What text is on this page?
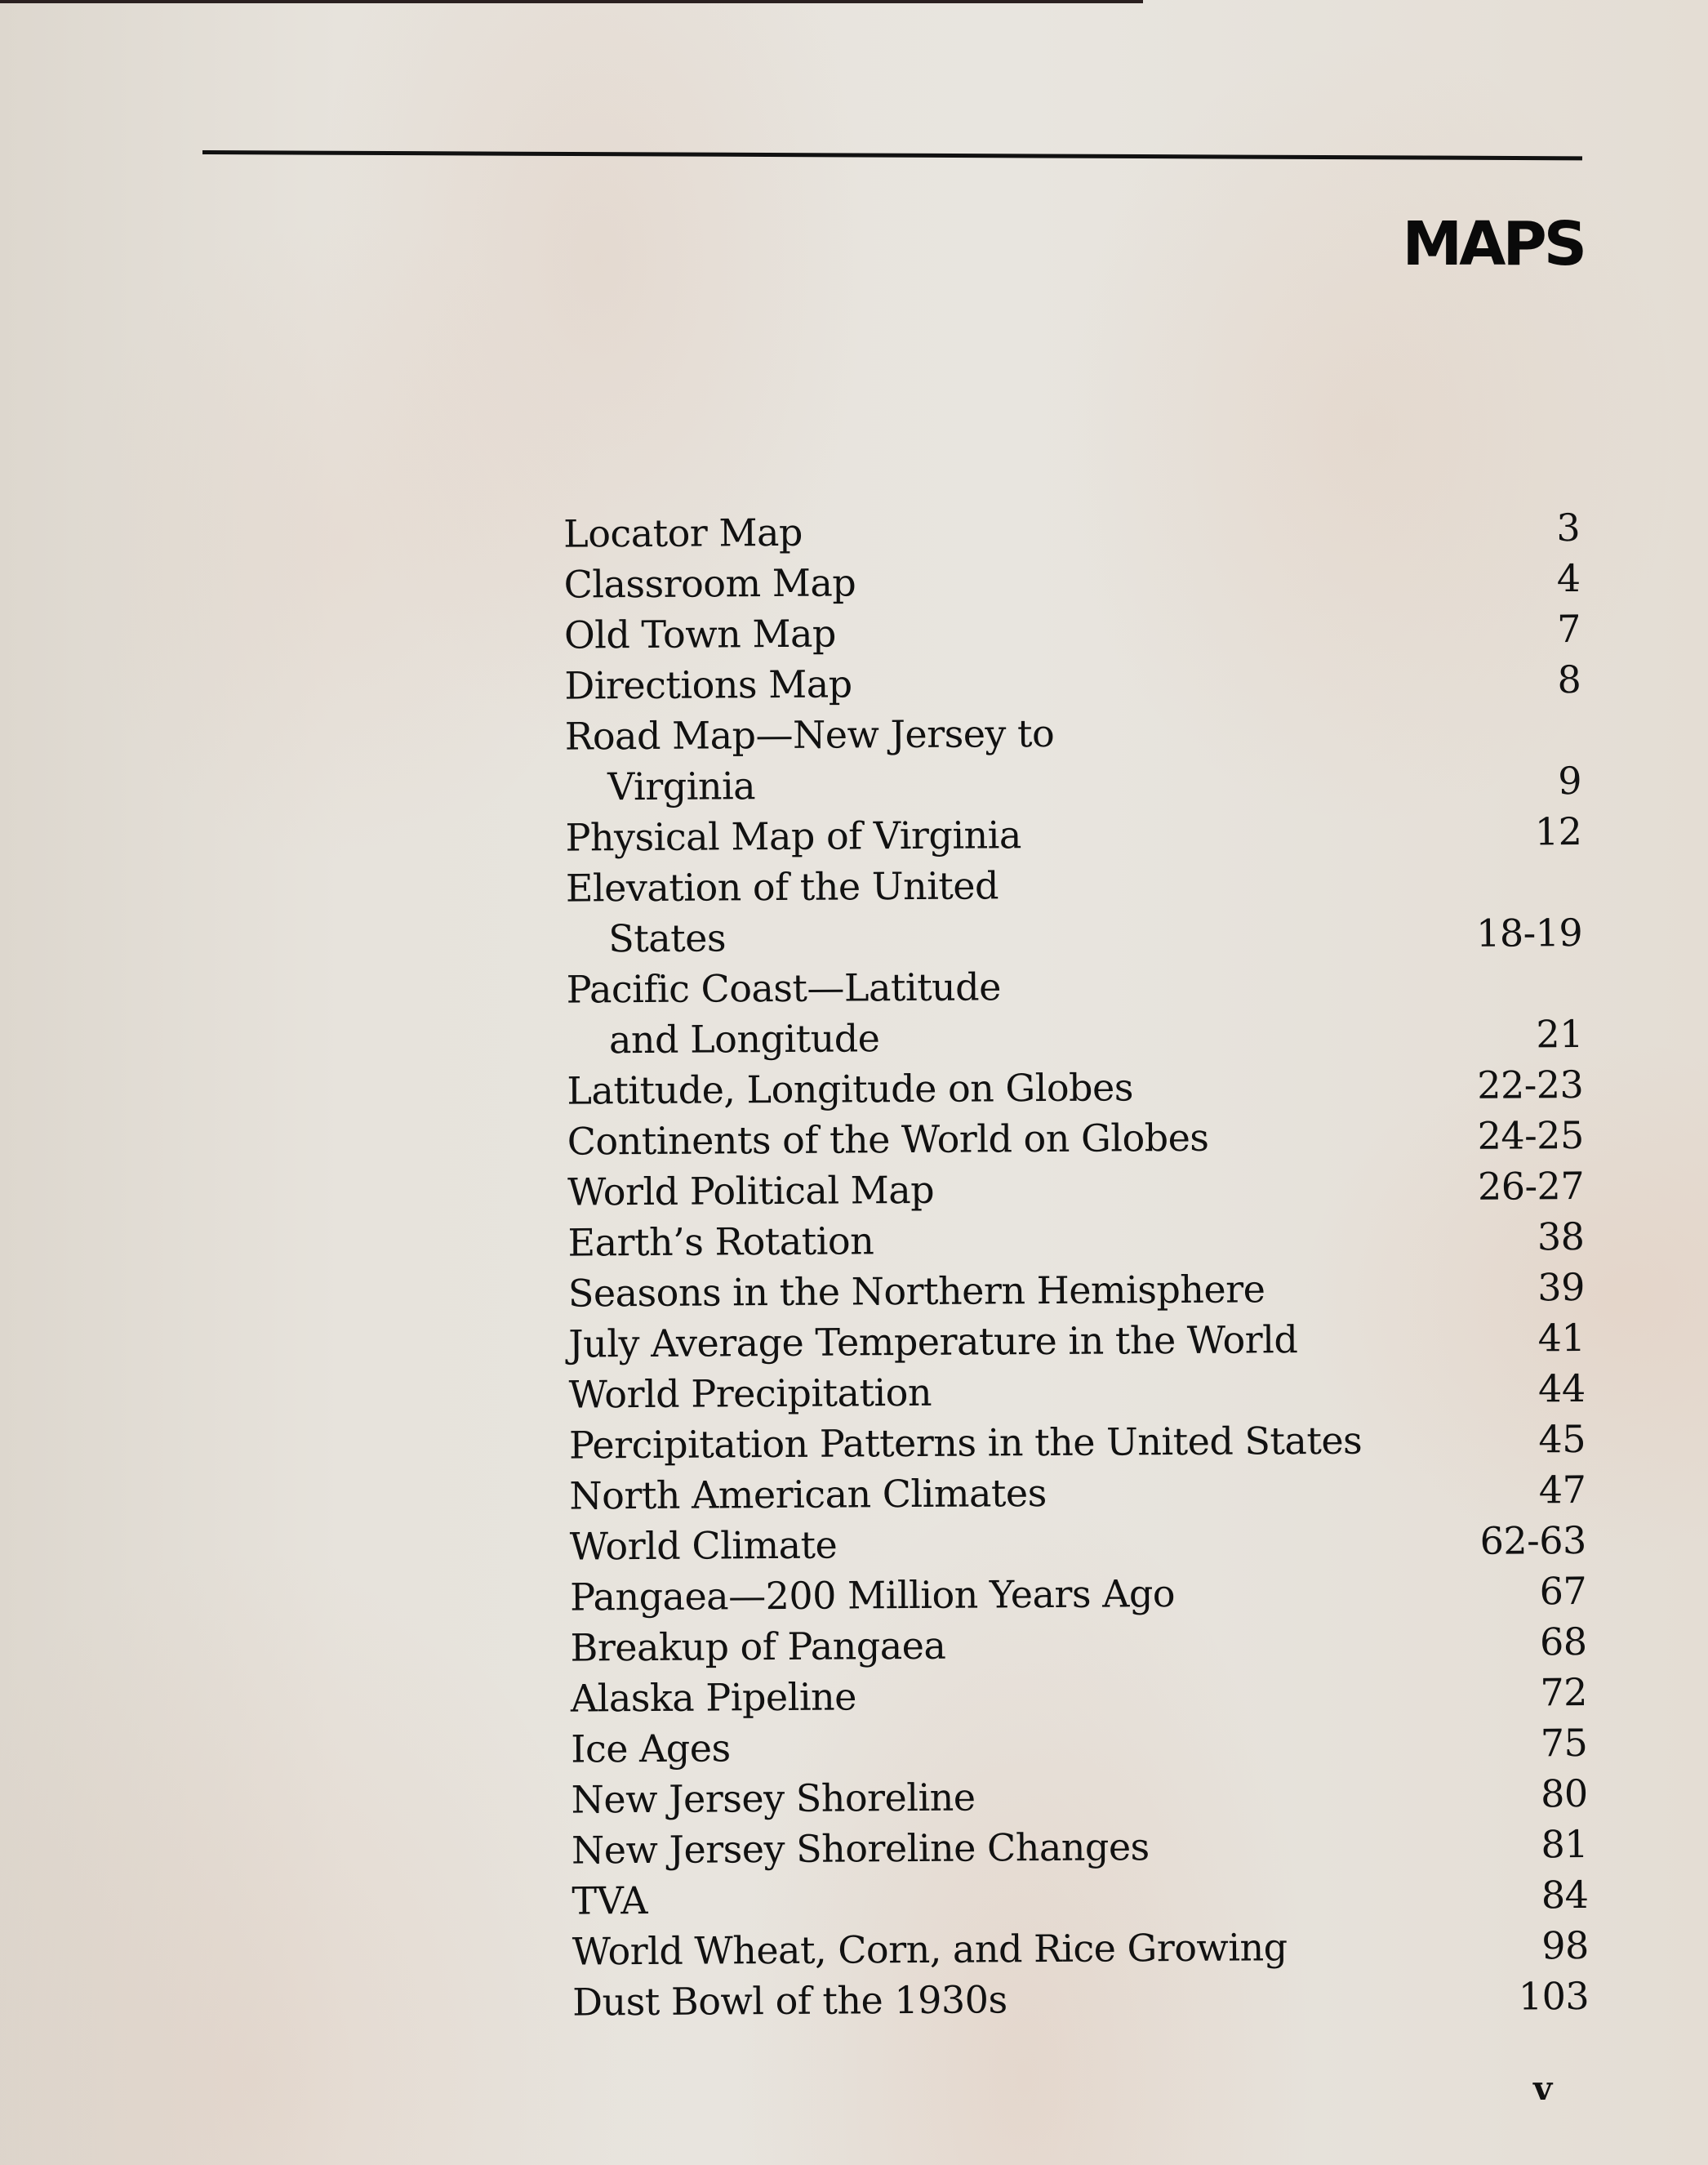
MAPS
Locator Map	3
Classroom Map	4
Old Town Map	7
Directions Map	8
Road Map—New Jersey to
Virginia	9
Physical Map of Virginia	12
Elevation of the United
States	18-19
Pacific Coast—Latitude
and Longitude	21
Latitude, Longitude on Globes	22-23
Continents of the World on Globes	24-25
World Political Map	26-27
Earth’s Rotation	38
Seasons in the Northern Hemisphere	39
July Average Temperature in the World	41
World Precipitation	44
Percipitation Patterns in the United States	45
North American Climates	47
World Climate	62-63
Pangaea—200 Million Years Ago	67
Breakup of Pangaea	68
Alaska Pipeline	72
Ice Ages	75
New Jersey Shoreline	80
New Jersey Shoreline Changes	81
TVA	84
World Wheat, Corn, and Rice Growing	98
Dust Bowl of the 1930s	103
v
